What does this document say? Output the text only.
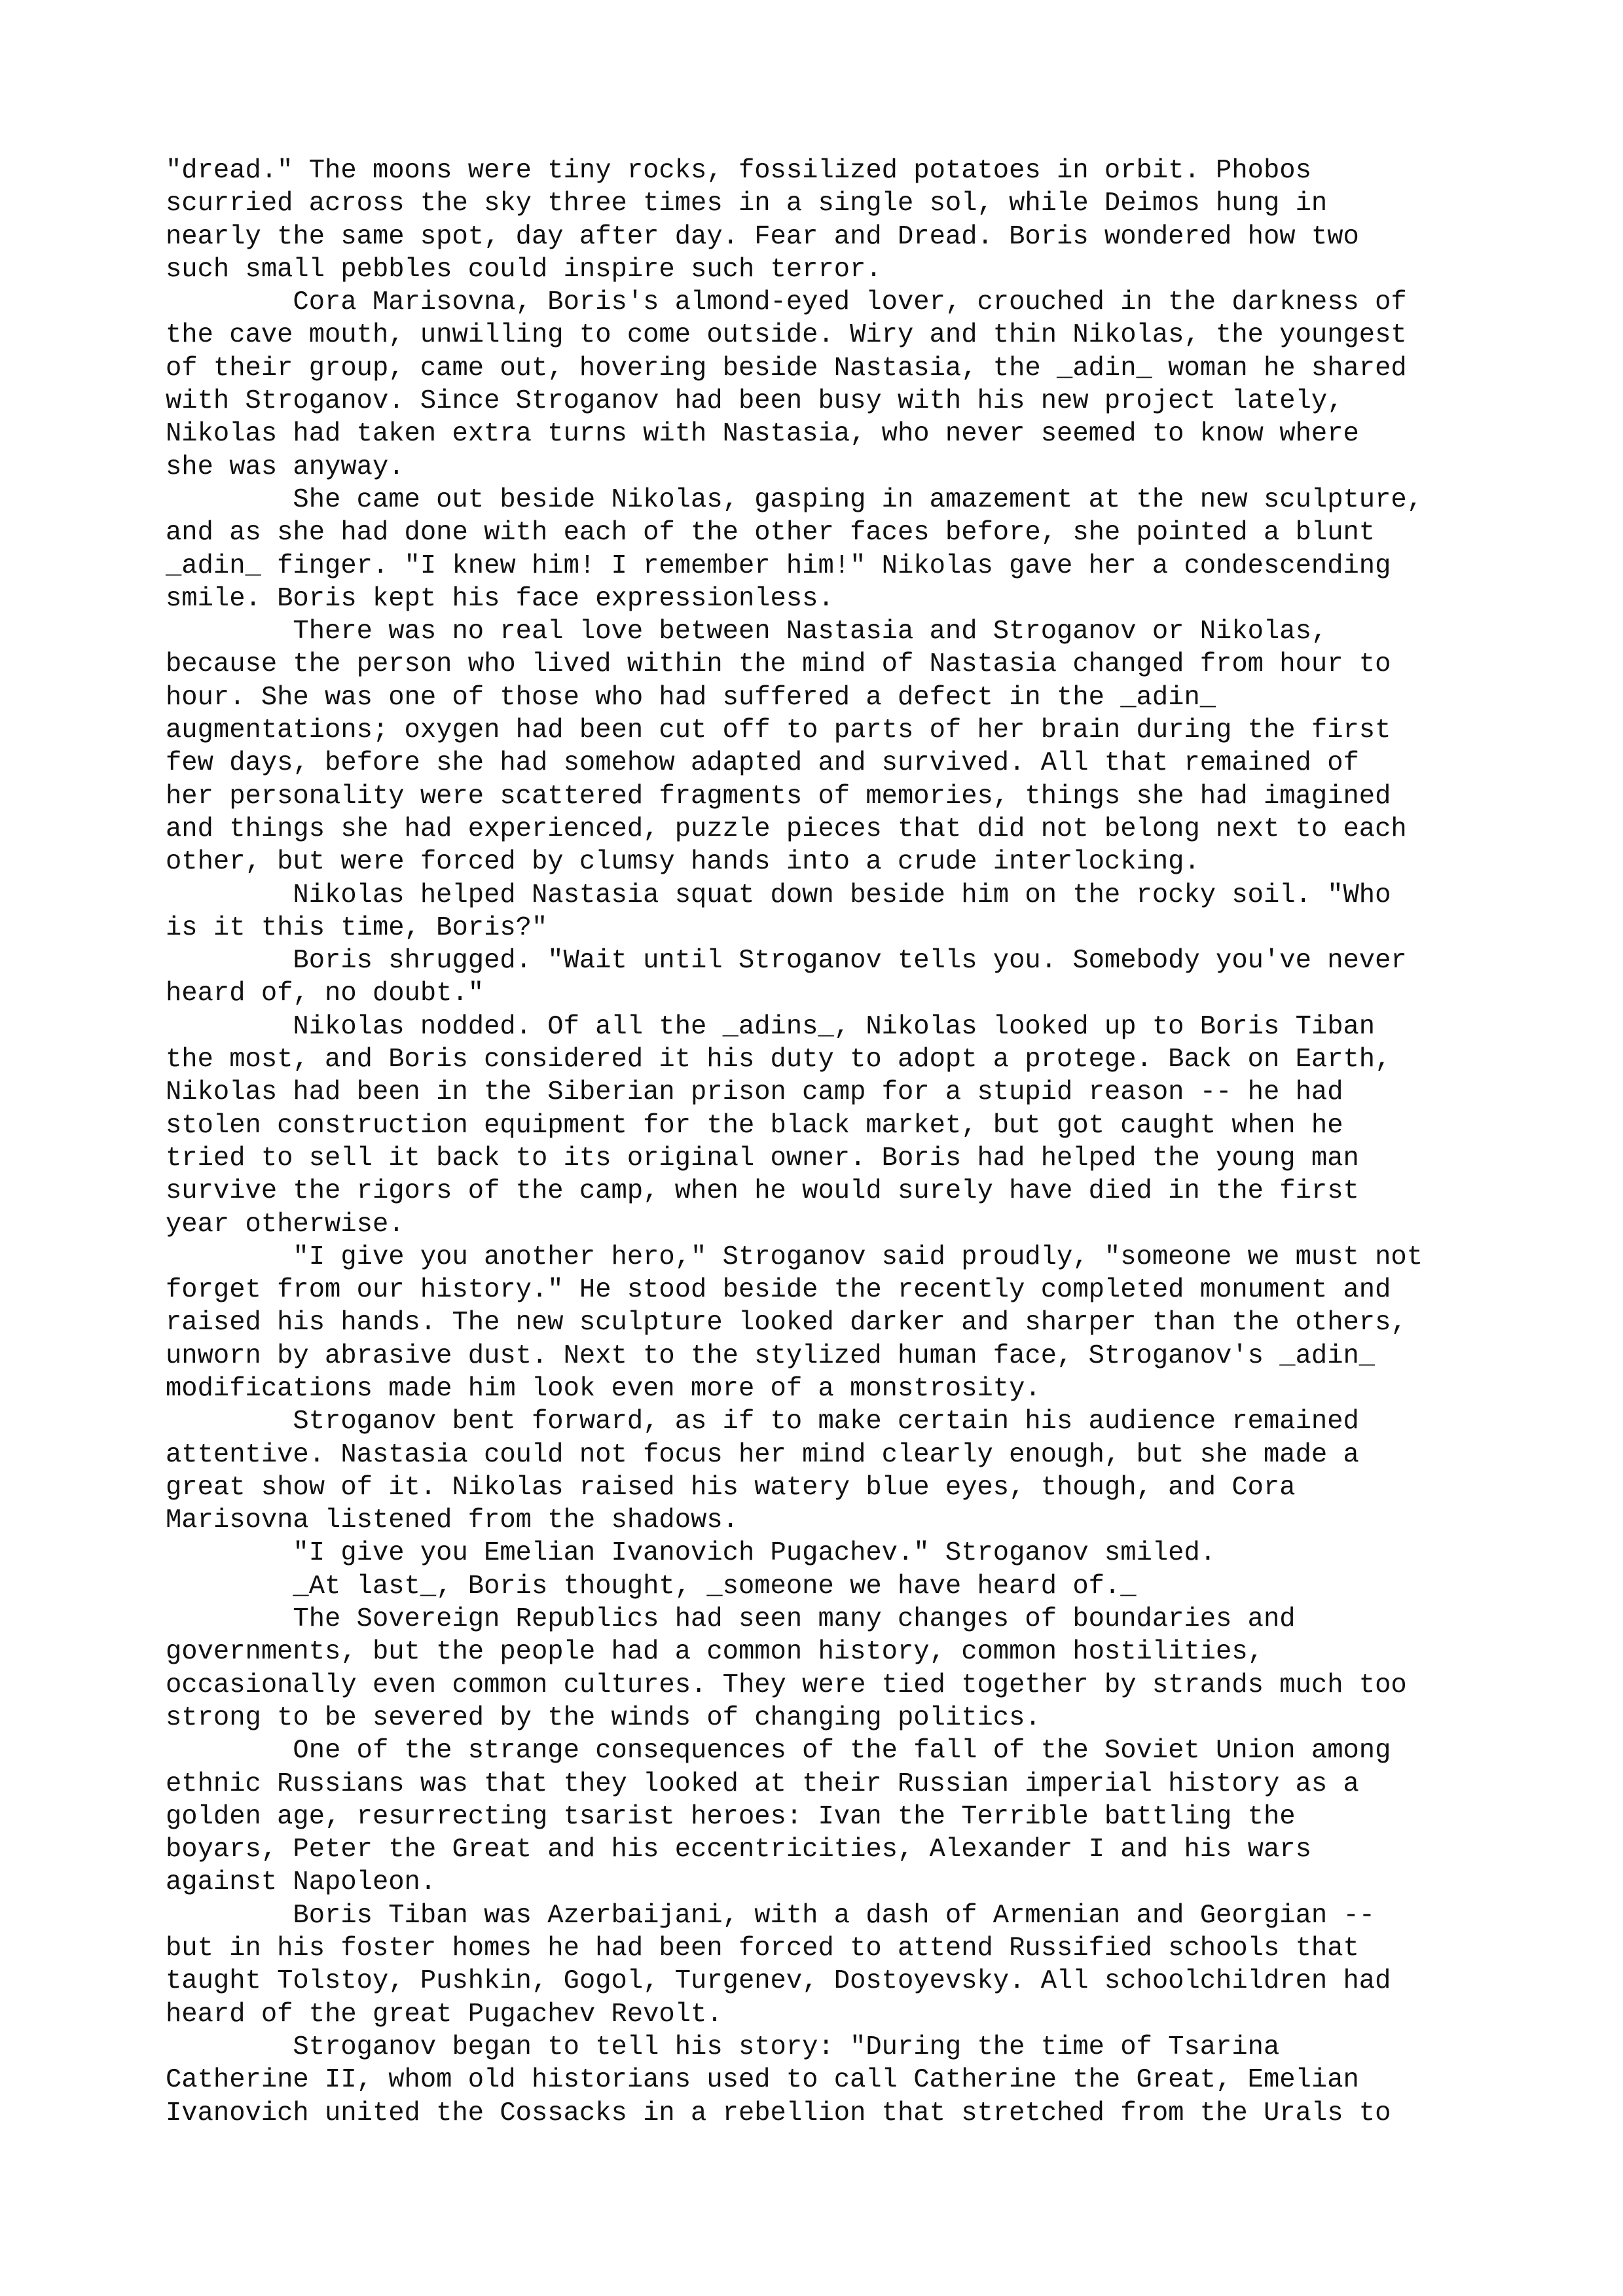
"dread." The moons were tiny rocks, fossilized potatoes in orbit. Phobos
scurried across the sky three times in a single sol, while Deimos hung in
nearly the same spot, day after day. Fear and Dread. Boris wondered how two
such small pebbles could inspire such terror.
Cora Marisovna, Boris's almond-eyed lover, crouched in the darkness of
the cave mouth, unwilling to come outside. Wiry and thin Nikolas, the youngest
of their group, came out, hovering beside Nastasia, the _adin_ woman he shared
with Stroganov. Since Stroganov had been busy with his new project lately,
Nikolas had taken extra turns with Nastasia, who never seemed to know where
she was anyway.
She came out beside Nikolas, gasping in amazement at the new sculpture,
and as she had done with each of the other faces before, she pointed a blunt
_adin_ finger. "I knew him! I remember him!" Nikolas gave her a condescending
smile. Boris kept his face expressionless.
There was no real love between Nastasia and Stroganov or Nikolas,
because the person who lived within the mind of Nastasia changed from hour to
hour. She was one of those who had suffered a defect in the _adin_
augmentations; oxygen had been cut off to parts of her brain during the first
few days, before she had somehow adapted and survived. All that remained of
her personality were scattered fragments of memories, things she had imagined
and things she had experienced, puzzle pieces that did not belong next to each
other, but were forced by clumsy hands into a crude interlocking.
Nikolas helped Nastasia squat down beside him on the rocky soil. "Who
is it this time, Boris?"
Boris shrugged. "Wait until Stroganov tells you. Somebody you've never
heard of, no doubt."
Nikolas nodded. Of all the _adins_, Nikolas looked up to Boris Tiban
the most, and Boris considered it his duty to adopt a protege. Back on Earth,
Nikolas had been in the Siberian prison camp for a stupid reason -- he had
stolen construction equipment for the black market, but got caught when he
tried to sell it back to its original owner. Boris had helped the young man
survive the rigors of the camp, when he would surely have died in the first
year otherwise.
"I give you another hero," Stroganov said proudly, "someone we must not
forget from our history." He stood beside the recently completed monument and
raised his hands. The new sculpture looked darker and sharper than the others,
unworn by abrasive dust. Next to the stylized human face, Stroganov's _adin_
modifications made him look even more of a monstrosity.
Stroganov bent forward, as if to make certain his audience remained
attentive. Nastasia could not focus her mind clearly enough, but she made a
great show of it. Nikolas raised his watery blue eyes, though, and Cora
Marisovna listened from the shadows.
"I give you Emelian Ivanovich Pugachev." Stroganov smiled.
_At last_, Boris thought, _someone we have heard of._
The Sovereign Republics had seen many changes of boundaries and
governments, but the people had a common history, common hostilities,
occasionally even common cultures. They were tied together by strands much too
strong to be severed by the winds of changing politics.
One of the strange consequences of the fall of the Soviet Union among
ethnic Russians was that they looked at their Russian imperial history as a
golden age, resurrecting tsarist heroes: Ivan the Terrible battling the
boyars, Peter the Great and his eccentricities, Alexander I and his wars
against Napoleon.
Boris Tiban was Azerbaijani, with a dash of Armenian and Georgian --
but in his foster homes he had been forced to attend Russified schools that
taught Tolstoy, Pushkin, Gogol, Turgenev, Dostoyevsky. All schoolchildren had
heard of the great Pugachev Revolt.
Stroganov began to tell his story: "During the time of Tsarina
Catherine II, whom old historians used to call Catherine the Great, Emelian
Ivanovich united the Cossacks in a rebellion that stretched from the Urals to
